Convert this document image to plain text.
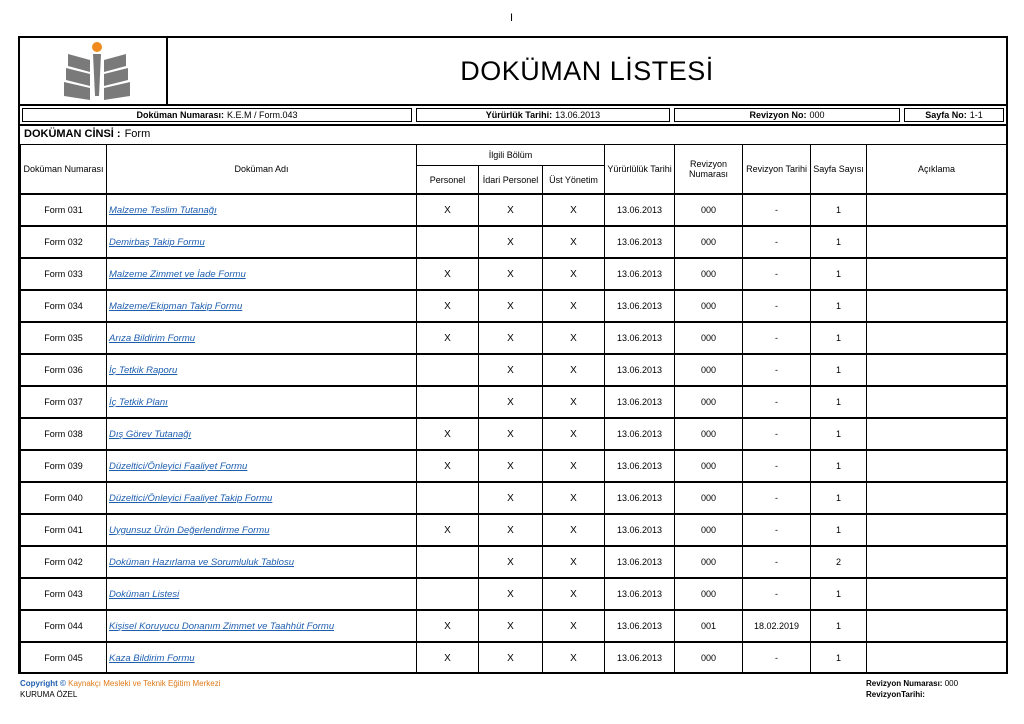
I
DOKÜMAN LİSTESİ
Doküman Numarası: K.E.M / Form.043	Yürürlük Tarihi: 13.06.2013	Revizyon No: 000	Sayfa No: 1-1
DOKÜMAN CİNSİ : Form
Doküman Numarası	Doküman Adı	İlgili Bölüm			Yürürlülük Tarihi	Revizyon Numarası	Revizyon Tarihi	Sayfa Sayısı	Açıklama
		Personel	İdari Personel	Üst Yönetim					
Form 031	Malzeme Teslim Tutanağı	X	X	X	13.06.2013	000	-	1	
Form 032	Demirbaş Takip Formu		X	X	13.06.2013	000	-	1	
Form 033	Malzeme Zimmet ve İade Formu	X	X	X	13.06.2013	000	-	1	
Form 034	Malzeme/Ekipman Takip Formu	X	X	X	13.06.2013	000	-	1	
Form 035	Arıza Bildirim Formu	X	X	X	13.06.2013	000	-	1	
Form 036	İç Tetkik Raporu		X	X	13.06.2013	000	-	1	
Form 037	İç Tetkik Planı		X	X	13.06.2013	000	-	1	
Form 038	Dış Görev Tutanağı	X	X	X	13.06.2013	000	-	1	
Form 039	Düzeltici/Önleyici Faaliyet Formu	X	X	X	13.06.2013	000	-	1	
Form 040	Düzeltici/Önleyici Faaliyet Takip Formu		X	X	13.06.2013	000	-	1	
Form 041	Uygunsuz Ürün Değerlendirme Formu	X	X	X	13.06.2013	000	-	1	
Form 042	Doküman Hazırlama ve Sorumluluk Tablosu		X	X	13.06.2013	000	-	2	
Form 043	Doküman Listesi		X	X	13.06.2013	000	-	1	
Form 044	Kişisel Koruyucu Donanım Zimmet ve Taahhüt Formu	X	X	X	13.06.2013	001	18.02.2019	1	
Form 045	Kaza Bildirim Formu	X	X	X	13.06.2013	000	-	1	
Copyright © Kaynakçı Mesleki ve Teknik Eğitim Merkezi
KURUMA ÖZEL
Revizyon Numarası: 000
RevizyonTarihi:
